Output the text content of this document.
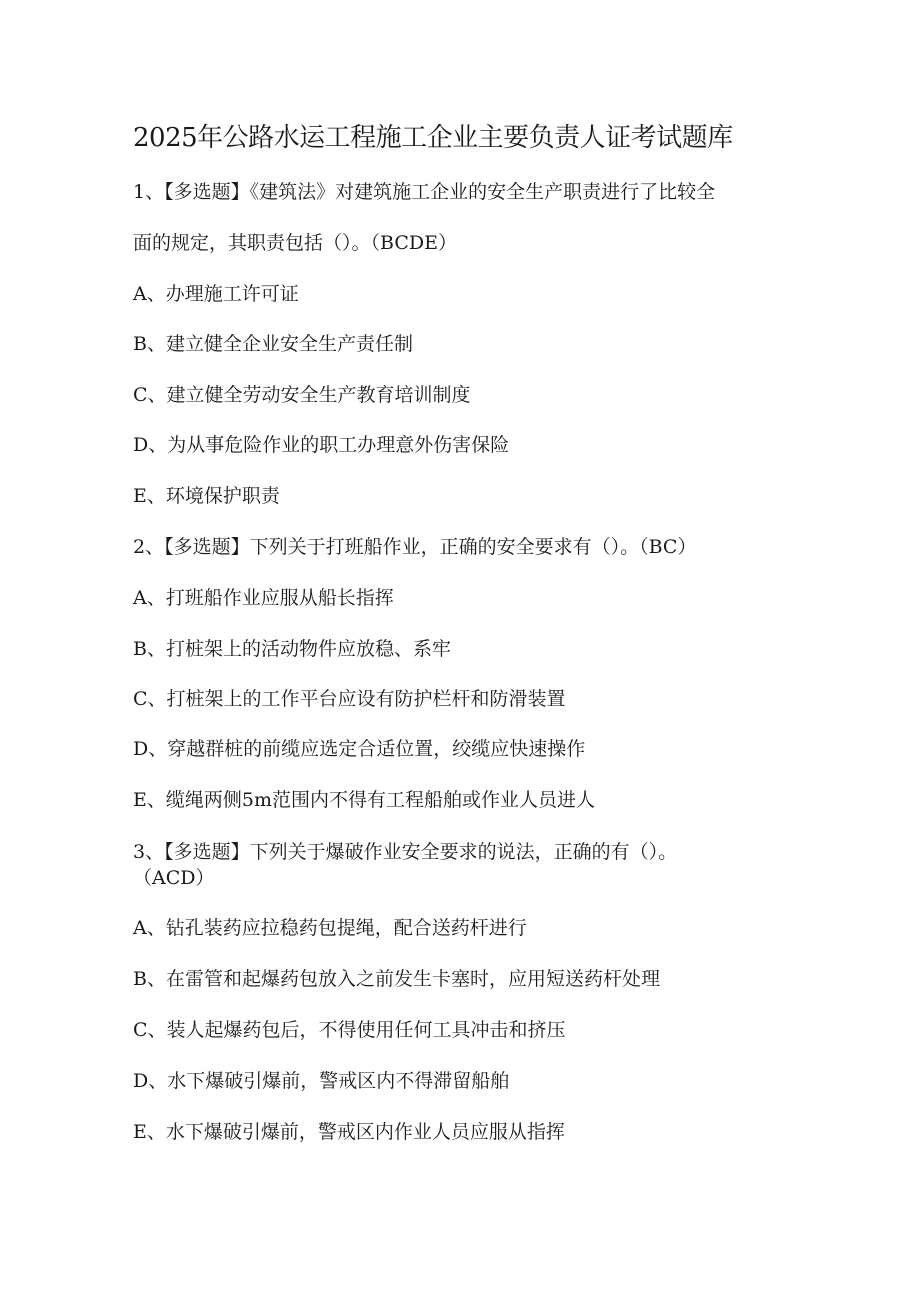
2025年公路水运工程施工企业主要负责人证考试题库
1、【多选题】《建筑法》对建筑施工企业的安全生产职责进行了比较全
面的规定，其职责包括（）。（BCDE）
A、办理施工许可证
B、建立健全企业安全生产责任制
C、建立健全劳动安全生产教育培训制度
D、为从事危险作业的职工办理意外伤害保险
E、环境保护职责
2、【多选题】下列关于打班船作业，正确的安全要求有（）。（BC）
A、打班船作业应服从船长指挥
B、打桩架上的活动物件应放稳、系牢
C、打桩架上的工作平台应设有防护栏杆和防滑装置
D、穿越群桩的前缆应选定合适位置，绞缆应快速操作
E、缆绳两侧5m范围内不得有工程船舶或作业人员进人
3、【多选题】下列关于爆破作业安全要求的说法，正确的有（）。
（ACD）
A、钻孔装药应拉稳药包提绳，配合送药杆进行
B、在雷管和起爆药包放入之前发生卡塞时，应用短送药杆处理
C、装人起爆药包后，不得使用任何工具冲击和挤压
D、水下爆破引爆前，警戒区内不得滞留船舶
E、水下爆破引爆前，警戒区内作业人员应服从指挥
